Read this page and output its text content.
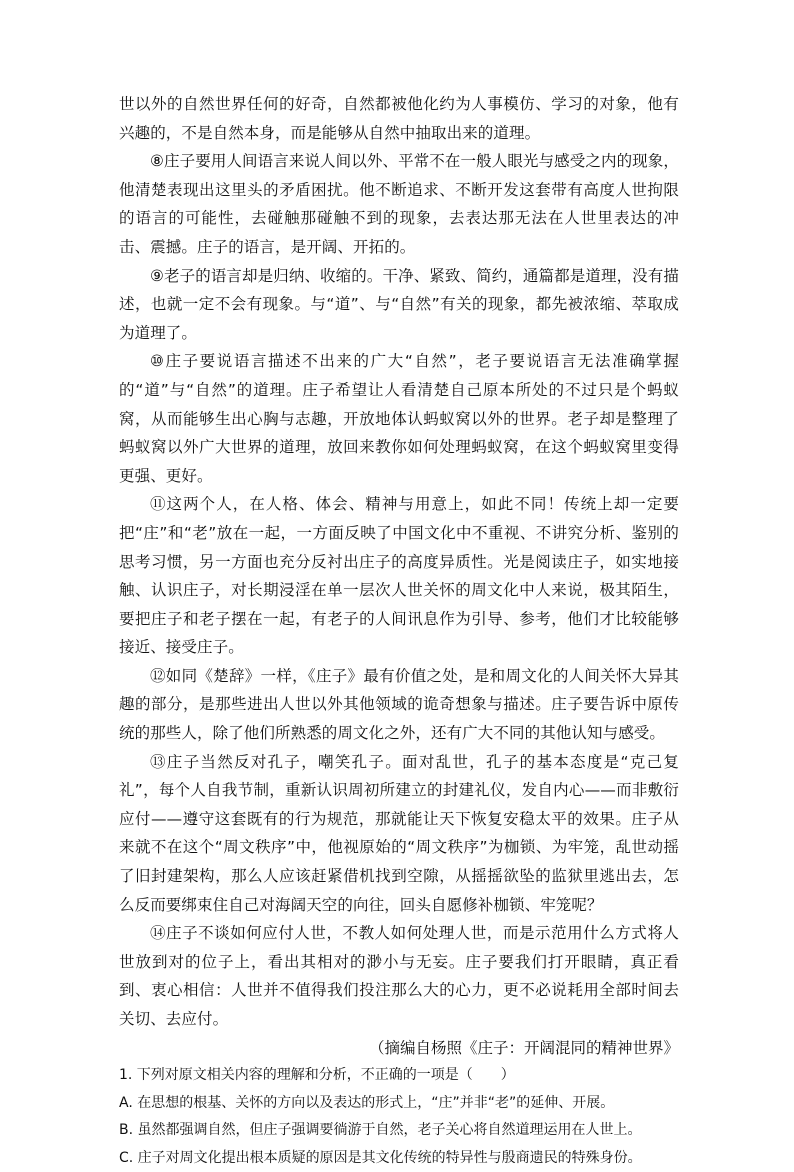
世以外的自然世界任何的好奇，自然都被他化约为人事模仿、学习的对象，他有兴趣的，不是自然本身，而是能够从自然中抽取出来的道理。

⑧庄子要用人间语言来说人间以外、平常不在一般人眼光与感受之内的现象，他清楚表现出这里头的矛盾困扰。他不断追求、不断开发这套带有高度人世拘限的语言的可能性，去碰触那碰触不到的现象，去表达那无法在人世里表达的冲击、震撼。庄子的语言，是开阔、开拓的。

⑨老子的语言却是归纳、收缩的。干净、紧致、简约，通篇都是道理，没有描述，也就一定不会有现象。与“道”、与“自然”有关的现象，都先被浓缩、萃取成为道理了。

⑩庄子要说语言描述不出来的广大“自然”，老子要说语言无法准确掌握的“道”与“自然”的道理。庄子希望让人看清楚自己原本所处的不过只是个蚂蚁窝，从而能够生出心胸与志趣，开放地体认蚂蚁窝以外的世界。老子却是整理了蚂蚁窝以外广大世界的道理，放回来教你如何处理蚂蚁窝，在这个蚂蚁窝里变得更强、更好。

⑪这两个人，在人格、体会、精神与用意上，如此不同！传统上却一定要把“庄”和“老”放在一起，一方面反映了中国文化中不重视、不讲究分析、鉴别的思考习惯，另一方面也充分反衬出庄子的高度异质性。光是阅读庄子，如实地接触、认识庄子，对长期浸淫在单一层次人世关怀的周文化中人来说，极其陌生，要把庄子和老子摆在一起，有老子的人间讯息作为引导、参考，他们才比较能够接近、接受庄子。

⑫如同《楚辞》一样，《庄子》最有价值之处，是和周文化的人间关怀大异其趣的部分，是那些进出人世以外其他领域的诡奇想象与描述。庄子要告诉中原传统的那些人，除了他们所熟悉的周文化之外，还有广大不同的其他认知与感受。

⑬庄子当然反对孔子，嘲笑孔子。面对乱世，孔子的基本态度是“克己复礼”，每个人自我节制，重新认识周初所建立的封建礼仪，发自内心——而非敷衍应付——遵守这套既有的行为规范，那就能让天下恢复安稳太平的效果。庄子从来就不在这个“周文秩序”中，他视原始的“周文秩序”为枷锁、为牢笼，乱世动摇了旧封建架构，那么人应该赶紧借机找到空隙，从摇摇欲坠的监狱里逃出去，怎么反而要绑束住自己对海阔天空的向往，回头自愿修补枷锁、牢笼呢？

⑭庄子不谈如何应付人世，不教人如何处理人世，而是示范用什么方式将人世放到对的位子上，看出其相对的渺小与无妄。庄子要我们打开眼睛，真正看到、衷心相信：人世并不值得我们投注那么大的心力，更不必说耗用全部时间去关切、去应付。

（摘编自杨照《庄子：开阔混同的精神世界》

1. 下列对原文相关内容的理解和分析，不正确的一项是（　　）

A. 在思想的根基、关怀的方向以及表达的形式上，“庄”并非“老”的延伸、开展。

B. 虽然都强调自然，但庄子强调要徜游于自然，老子关心将自然道理运用在人世上。

C. 庄子对周文化提出根本质疑的原因是其文化传统的特异性与殷商遗民的特殊身份。
